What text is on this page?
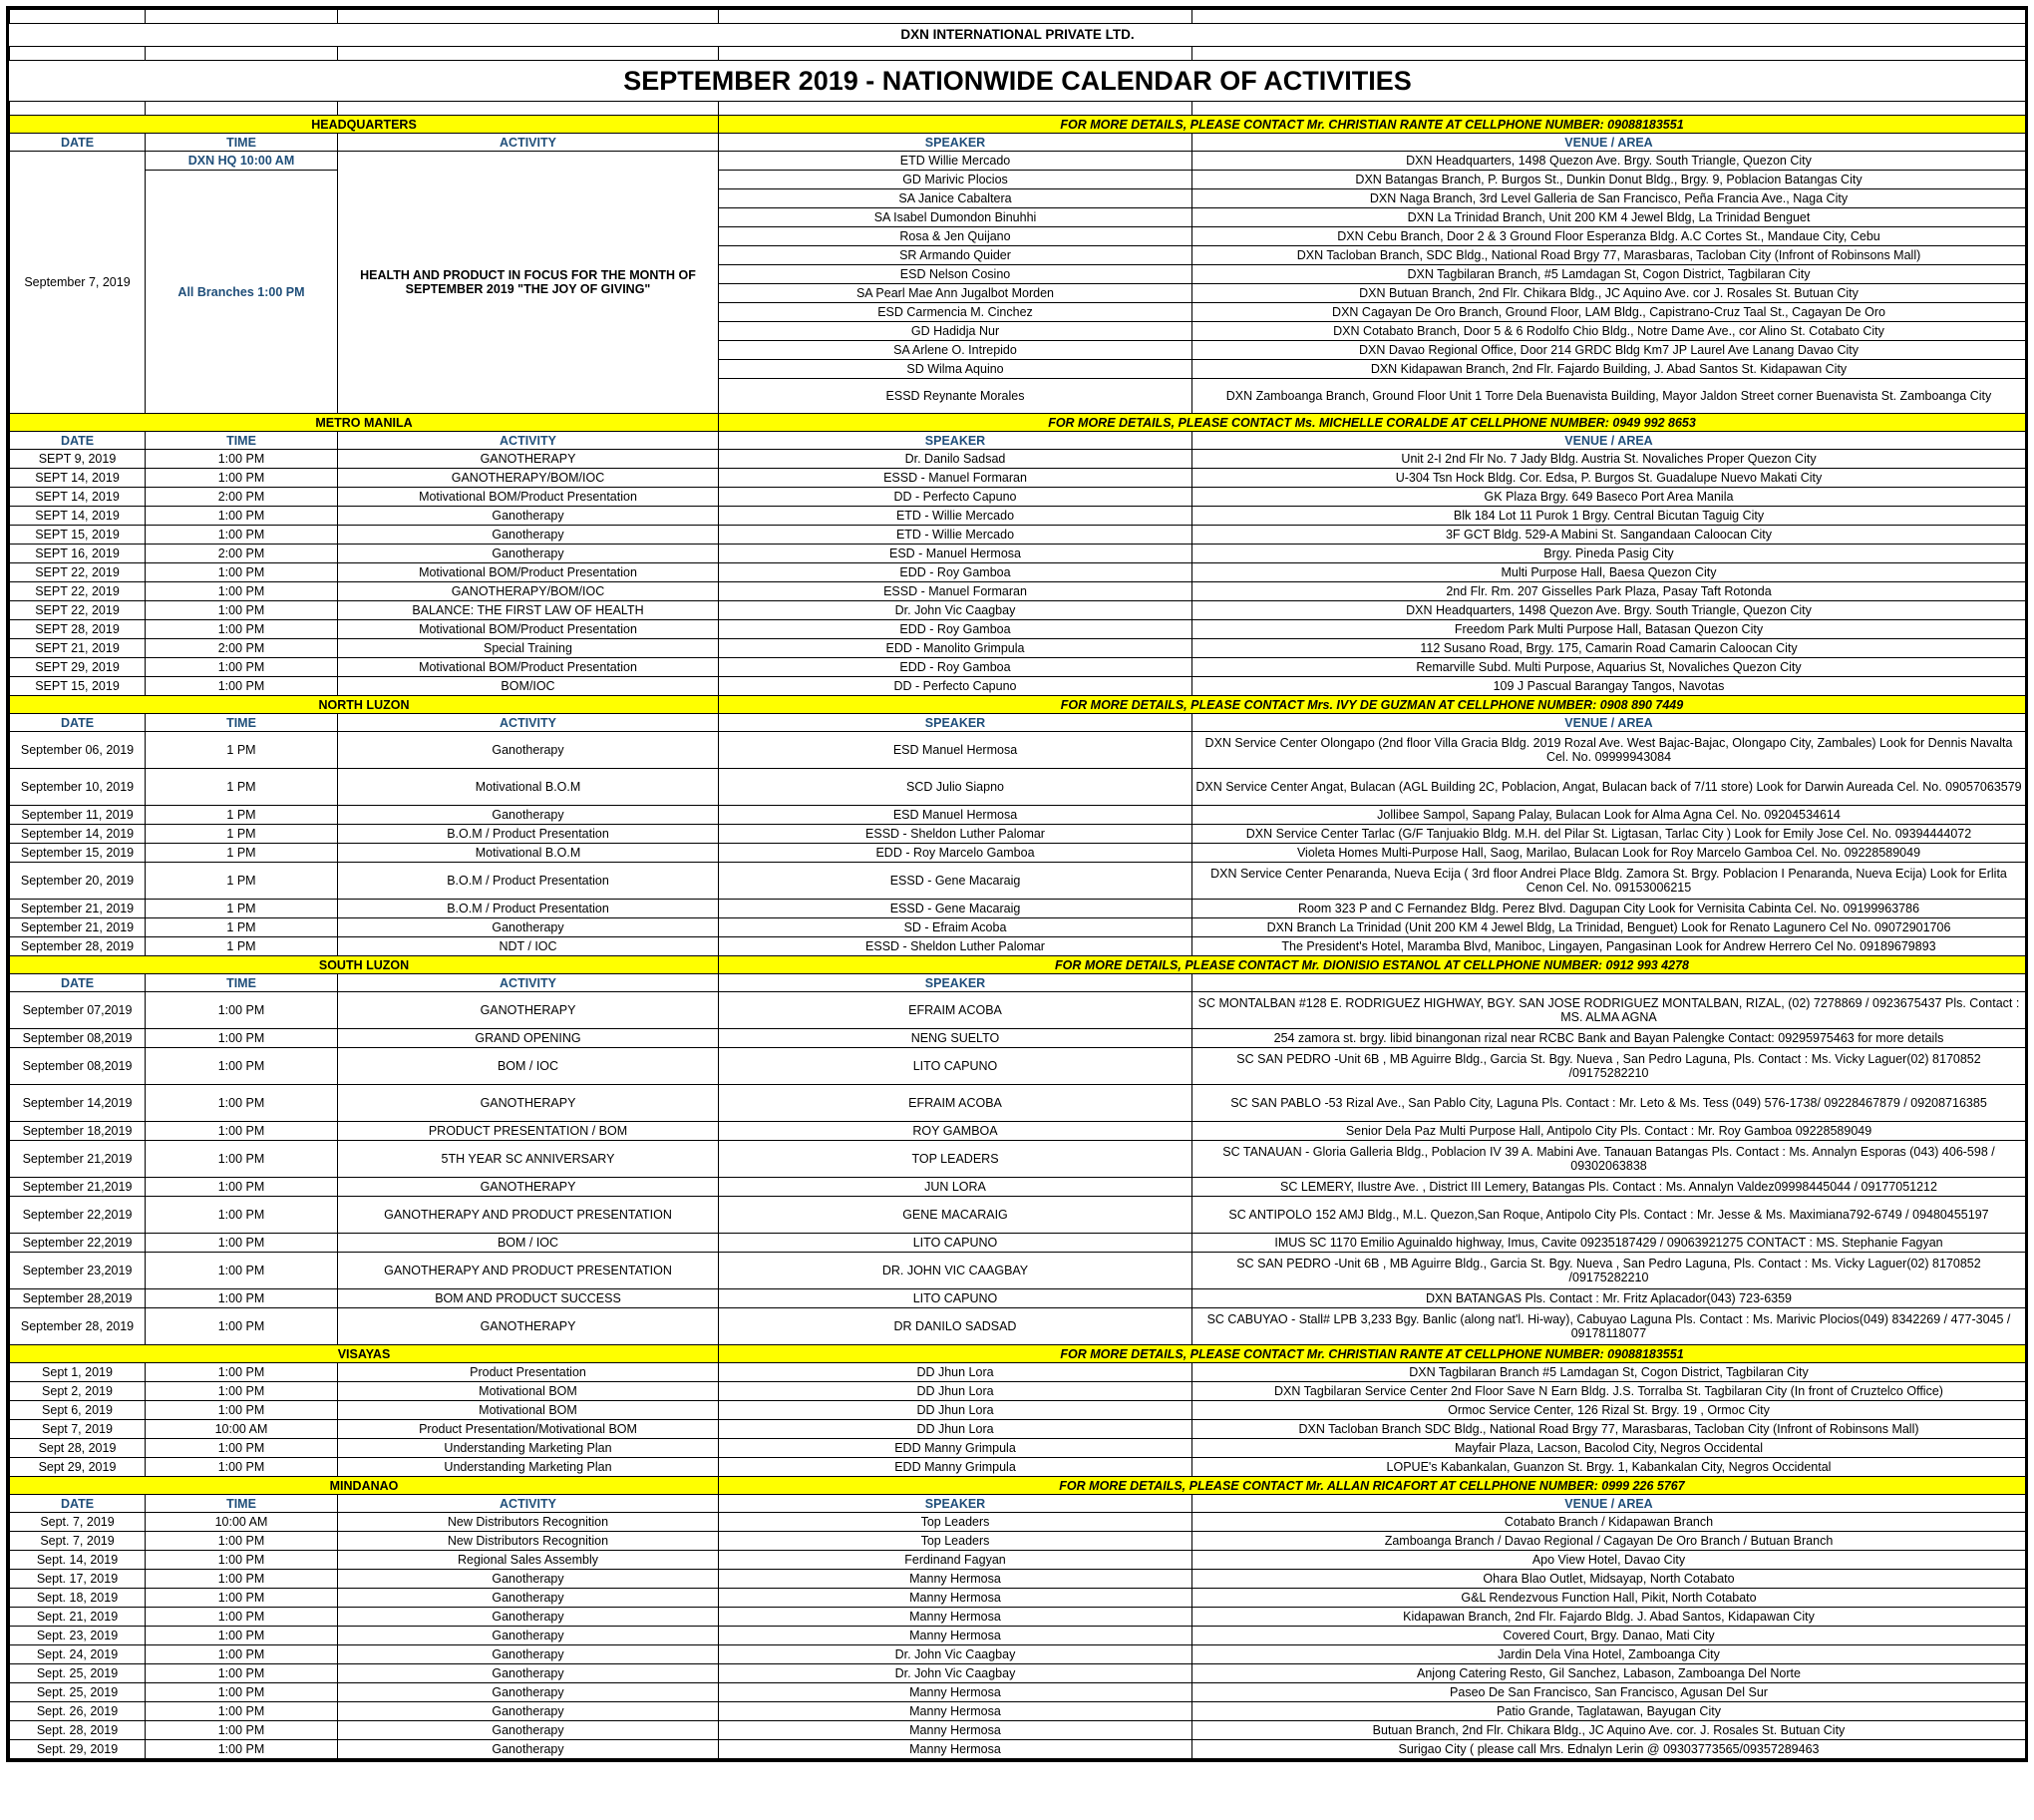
DXN INTERNATIONAL PRIVATE LTD.				

SEPTEMBER 2019 - NATIONWIDE CALENDAR OF ACTIVITIES				

HEADQUARTERS			FOR MORE DETAILS, PLEASE CONTACT Mr. CHRISTIAN RANTE AT CELLPHONE NUMBER: 09088183551	
DATE	TIME	ACTIVITY	SPEAKER	VENUE / AREA
September 7, 2019	DXN HQ 10:00 AM	HEALTH AND PRODUCT IN FOCUS FOR THE MONTH OF SEPTEMBER 2019 "THE JOY OF GIVING"	ETD Willie Mercado	DXN Headquarters, 1498 Quezon Ave. Brgy. South Triangle, Quezon City
	All Branches 1:00 PM		GD Marivic Plocios	DXN Batangas Branch, P. Burgos St., Dunkin Donut Bldg., Brgy. 9, Poblacion Batangas City
			SA Janice Cabaltera	DXN Naga Branch, 3rd Level Galleria de San Francisco, Peña Francia Ave., Naga City
			SA Isabel Dumondon Binuhhi	DXN La Trinidad Branch, Unit 200 KM 4 Jewel Bldg, La Trinidad Benguet
			Rosa & Jen Quijano	DXN Cebu Branch, Door 2 & 3 Ground Floor Esperanza Bldg. A.C Cortes St., Mandaue City, Cebu
			SR Armando Quider	DXN Tacloban Branch, SDC Bldg., National Road Brgy 77, Marasbaras, Tacloban City (Infront of Robinsons Mall)
			ESD Nelson Cosino	DXN Tagbilaran Branch, #5 Lamdagan St, Cogon District, Tagbilaran City
			SA Pearl Mae Ann Jugalbot Morden	DXN Butuan Branch, 2nd Flr. Chikara Bldg., JC Aquino Ave. cor J. Rosales St. Butuan City
			ESD Carmencia M. Cinchez	DXN Cagayan De Oro Branch, Ground Floor, LAM Bldg., Capistrano-Cruz Taal St., Cagayan De Oro
			GD Hadidja Nur	DXN Cotabato Branch, Door 5 & 6 Rodolfo Chio Bldg., Notre Dame Ave., cor Alino St. Cotabato City
			SA Arlene O. Intrepido	DXN Davao Regional Office, Door 214 GRDC Bldg Km7 JP Laurel Ave Lanang Davao City
			SD Wilma Aquino	DXN Kidapawan Branch, 2nd Flr. Fajardo Building, J. Abad Santos St. Kidapawan City
			ESSD Reynante Morales	DXN Zamboanga Branch, Ground Floor Unit 1 Torre Dela Buenavista Building, Mayor Jaldon Street corner Buenavista St. Zamboanga City
METRO MANILA			FOR MORE DETAILS, PLEASE CONTACT Ms. MICHELLE CORALDE AT CELLPHONE NUMBER: 0949 992 8653	
DATE	TIME	ACTIVITY	SPEAKER	VENUE / AREA
SEPT 9, 2019	1:00 PM	GANOTHERAPY	Dr. Danilo Sadsad	Unit 2-I 2nd Flr No. 7 Jady Bldg. Austria St. Novaliches Proper Quezon City
SEPT 14, 2019	1:00 PM	GANOTHERAPY/BOM/IOC	ESSD - Manuel Formaran	U-304 Tsn Hock Bldg. Cor. Edsa, P. Burgos St. Guadalupe Nuevo Makati City
SEPT 14, 2019	2:00 PM	Motivational BOM/Product Presentation	DD - Perfecto Capuno	GK Plaza Brgy. 649 Baseco Port Area Manila
SEPT 14, 2019	1:00 PM	Ganotherapy	ETD - Willie Mercado	Blk 184 Lot 11 Purok 1 Brgy. Central Bicutan Taguig City
SEPT 15, 2019	1:00 PM	Ganotherapy	ETD - Willie Mercado	3F GCT Bldg. 529-A Mabini St. Sangandaan Caloocan City
SEPT 16, 2019	2:00 PM	Ganotherapy	ESD - Manuel Hermosa	Brgy. Pineda Pasig City
SEPT 22, 2019	1:00 PM	Motivational BOM/Product Presentation	EDD - Roy Gamboa	Multi Purpose Hall, Baesa Quezon City
SEPT 22, 2019	1:00 PM	GANOTHERAPY/BOM/IOC	ESSD - Manuel Formaran	2nd Flr. Rm. 207 Gisselles Park Plaza, Pasay Taft Rotonda
SEPT 22, 2019	1:00 PM	BALANCE: THE FIRST LAW OF HEALTH	Dr. John Vic Caagbay	DXN Headquarters, 1498 Quezon Ave. Brgy. South Triangle, Quezon City
SEPT 28, 2019	1:00 PM	Motivational BOM/Product Presentation	EDD - Roy Gamboa	Freedom Park Multi Purpose Hall, Batasan Quezon City
SEPT 21, 2019	2:00 PM	Special Training	EDD - Manolito Grimpula	112 Susano Road, Brgy. 175, Camarin Road Camarin Caloocan City
SEPT 29, 2019	1:00 PM	Motivational BOM/Product Presentation	EDD - Roy Gamboa	Remarville Subd. Multi Purpose, Aquarius St, Novaliches Quezon City
SEPT 15, 2019	1:00 PM	BOM/IOC	DD - Perfecto Capuno	109 J Pascual Barangay Tangos, Navotas
NORTH LUZON			FOR MORE DETAILS, PLEASE CONTACT Mrs. IVY DE GUZMAN AT CELLPHONE NUMBER: 0908 890 7449	
DATE	TIME	ACTIVITY	SPEAKER	VENUE / AREA
September 06, 2019	1 PM	Ganotherapy	ESD Manuel Hermosa	DXN Service Center Olongapo (2nd floor Villa Gracia Bldg. 2019 Rozal Ave. West Bajac-Bajac, Olongapo City, Zambales) Look for Dennis Navalta Cel. No. 09999943084
September 10, 2019	1 PM	Motivational B.O.M	SCD Julio Siapno	DXN Service Center Angat, Bulacan (AGL Building 2C, Poblacion, Angat, Bulacan back of 7/11 store) Look for Darwin Aureada Cel. No. 09057063579
September 11, 2019	1 PM	Ganotherapy	ESD Manuel Hermosa	Jollibee Sampol, Sapang Palay, Bulacan Look for Alma Agna Cel. No. 09204534614
September 14, 2019	1 PM	B.O.M / Product Presentation	ESSD - Sheldon Luther Palomar	DXN Service Center Tarlac (G/F Tanjuakio Bldg. M.H. del Pilar St. Ligtasan, Tarlac City ) Look for Emily Jose Cel. No. 09394444072
September 15, 2019	1 PM	Motivational B.O.M	EDD - Roy Marcelo Gamboa	Violeta Homes Multi-Purpose Hall, Saog, Marilao, Bulacan Look for Roy Marcelo Gamboa Cel. No. 09228589049
September 20, 2019	1 PM	B.O.M / Product Presentation	ESSD - Gene Macaraig	DXN Service Center Penaranda, Nueva Ecija ( 3rd floor Andrei Place Bldg. Zamora St. Brgy. Poblacion I Penaranda, Nueva Ecija) Look for Erlita Cenon Cel. No. 09153006215
September 21, 2019	1 PM	B.O.M / Product Presentation	ESSD - Gene Macaraig	Room 323 P and C Fernandez Bldg. Perez Blvd. Dagupan City Look for Vernisita Cabinta Cel. No. 09199963786
September 21, 2019	1 PM	Ganotherapy	SD - Efraim Acoba	DXN Branch La Trinidad (Unit 200 KM 4 Jewel Bldg, La Trinidad, Benguet) Look for Renato Lagunero Cel No. 09072901706
September 28, 2019	1 PM	NDT / IOC	ESSD - Sheldon Luther Palomar	The President's Hotel, Maramba Blvd, Maniboc, Lingayen, Pangasinan Look for Andrew Herrero Cel No. 09189679893
SOUTH LUZON			FOR MORE DETAILS, PLEASE CONTACT Mr. DIONISIO ESTANOL AT CELLPHONE NUMBER: 0912 993 4278	
DATE	TIME	ACTIVITY	SPEAKER	
September 07,2019	1:00 PM	GANOTHERAPY	EFRAIM ACOBA	SC MONTALBAN #128 E. RODRIGUEZ HIGHWAY, BGY. SAN JOSE RODRIGUEZ MONTALBAN, RIZAL, (02) 7278869 / 0923675437 Pls. Contact : MS. ALMA AGNA
September 08,2019	1:00 PM	GRAND OPENING	NENG SUELTO	254 zamora st. brgy. libid binangonan rizal near RCBC Bank and Bayan Palengke Contact: 09295975463 for more details
September 08,2019	1:00 PM	BOM / IOC	LITO CAPUNO	SC SAN PEDRO -Unit 6B , MB Aguirre Bldg., Garcia St. Bgy. Nueva , San Pedro Laguna, Pls. Contact : Ms. Vicky Laguer(02) 8170852 /09175282210
September 14,2019	1:00 PM	GANOTHERAPY	EFRAIM ACOBA	SC SAN PABLO -53 Rizal Ave., San Pablo City, Laguna Pls. Contact : Mr. Leto & Ms. Tess (049) 576-1738/ 09228467879 / 09208716385
September 18,2019	1:00 PM	PRODUCT PRESENTATION / BOM	ROY GAMBOA	Senior Dela Paz Multi Purpose Hall, Antipolo City Pls. Contact : Mr. Roy Gamboa 09228589049
September 21,2019	1:00 PM	5TH YEAR SC ANNIVERSARY	TOP LEADERS	SC TANAUAN - Gloria Galleria Bldg., Poblacion IV 39 A. Mabini Ave. Tanauan Batangas Pls. Contact : Ms. Annalyn Esporas (043) 406-598 / 09302063838
September 21,2019	1:00 PM	GANOTHERAPY	JUN LORA	SC LEMERY, Ilustre Ave. , District III Lemery, Batangas Pls. Contact : Ms. Annalyn Valdez09998445044 / 09177051212
September 22,2019	1:00 PM	GANOTHERAPY AND PRODUCT PRESENTATION	GENE MACARAIG	SC ANTIPOLO 152 AMJ Bldg., M.L. Quezon,San Roque, Antipolo City Pls. Contact : Mr. Jesse & Ms. Maximiana792-6749 / 09480455197
September 22,2019	1:00 PM	BOM / IOC	LITO CAPUNO	IMUS SC 1170 Emilio Aguinaldo highway, Imus, Cavite 09235187429 / 09063921275 CONTACT : MS. Stephanie Fagyan
September 23,2019	1:00 PM	GANOTHERAPY AND PRODUCT PRESENTATION	DR. JOHN VIC CAAGBAY	SC SAN PEDRO -Unit 6B , MB Aguirre Bldg., Garcia St. Bgy. Nueva , San Pedro Laguna, Pls. Contact : Ms. Vicky Laguer(02) 8170852 /09175282210
September 28,2019	1:00 PM	BOM AND PRODUCT SUCCESS	LITO CAPUNO	DXN BATANGAS Pls. Contact : Mr. Fritz Aplacador(043) 723-6359
September 28, 2019	1:00 PM	GANOTHERAPY	DR DANILO SADSAD	SC CABUYAO - Stall# LPB 3,233 Bgy. Banlic (along nat'l. Hi-way), Cabuyao Laguna Pls. Contact : Ms. Marivic Plocios(049) 8342269 / 477-3045 / 09178118077
VISAYAS			FOR MORE DETAILS, PLEASE CONTACT Mr. CHRISTIAN RANTE AT CELLPHONE NUMBER: 09088183551	
Sept 1, 2019	1:00 PM	Product Presentation	DD Jhun Lora	DXN Tagbilaran Branch #5 Lamdagan St, Cogon District, Tagbilaran City
Sept 2, 2019	1:00 PM	Motivational BOM	DD Jhun Lora	DXN Tagbilaran Service Center 2nd Floor Save N Earn Bldg. J.S. Torralba St. Tagbilaran City (In front of Cruztelco Office)
Sept 6, 2019	1:00 PM	Motivational BOM	DD Jhun Lora	Ormoc Service Center, 126 Rizal St. Brgy. 19 , Ormoc City
Sept 7, 2019	10:00 AM	Product Presentation/Motivational BOM	DD Jhun Lora	DXN Tacloban Branch SDC Bldg., National Road Brgy 77, Marasbaras, Tacloban City (Infront of Robinsons Mall)
Sept 28, 2019	1:00 PM	Understanding Marketing Plan	EDD Manny Grimpula	Mayfair Plaza, Lacson, Bacolod City, Negros Occidental
Sept 29, 2019	1:00 PM	Understanding Marketing Plan	EDD Manny Grimpula	LOPUE's Kabankalan, Guanzon St. Brgy. 1, Kabankalan City, Negros Occidental
MINDANAO			FOR MORE DETAILS, PLEASE CONTACT Mr. ALLAN RICAFORT AT CELLPHONE NUMBER: 0999 226 5767	
DATE	TIME	ACTIVITY	SPEAKER	VENUE / AREA
Sept. 7, 2019	10:00 AM	New Distributors Recognition	Top Leaders	Cotabato Branch / Kidapawan Branch
Sept. 7, 2019	1:00 PM	New Distributors Recognition	Top Leaders	Zamboanga Branch / Davao Regional / Cagayan De Oro Branch / Butuan Branch
Sept. 14, 2019	1:00 PM	Regional Sales Assembly	Ferdinand Fagyan	Apo View Hotel, Davao City
Sept. 17, 2019	1:00 PM	Ganotherapy	Manny Hermosa	Ohara Blao Outlet, Midsayap, North Cotabato
Sept. 18, 2019	1:00 PM	Ganotherapy	Manny Hermosa	G&L Rendezvous Function Hall, Pikit, North Cotabato
Sept. 21, 2019	1:00 PM	Ganotherapy	Manny Hermosa	Kidapawan Branch, 2nd Flr. Fajardo Bldg. J. Abad Santos, Kidapawan City
Sept. 23, 2019	1:00 PM	Ganotherapy	Manny Hermosa	Covered Court, Brgy. Danao, Mati City
Sept. 24, 2019	1:00 PM	Ganotherapy	Dr. John Vic Caagbay	Jardin Dela Vina Hotel, Zamboanga City
Sept. 25, 2019	1:00 PM	Ganotherapy	Dr. John Vic Caagbay	Anjong Catering Resto, Gil Sanchez, Labason, Zamboanga Del Norte
Sept. 25, 2019	1:00 PM	Ganotherapy	Manny Hermosa	Paseo De San Francisco, San Francisco, Agusan Del Sur
Sept. 26, 2019	1:00 PM	Ganotherapy	Manny Hermosa	Patio Grande, Taglatawan, Bayugan City
Sept. 28, 2019	1:00 PM	Ganotherapy	Manny Hermosa	Butuan Branch, 2nd Flr. Chikara Bldg., JC Aquino Ave. cor. J. Rosales St. Butuan City
Sept. 29, 2019	1:00 PM	Ganotherapy	Manny Hermosa	Surigao City ( please call Mrs. Ednalyn Lerin @ 09303773565/09357289463
